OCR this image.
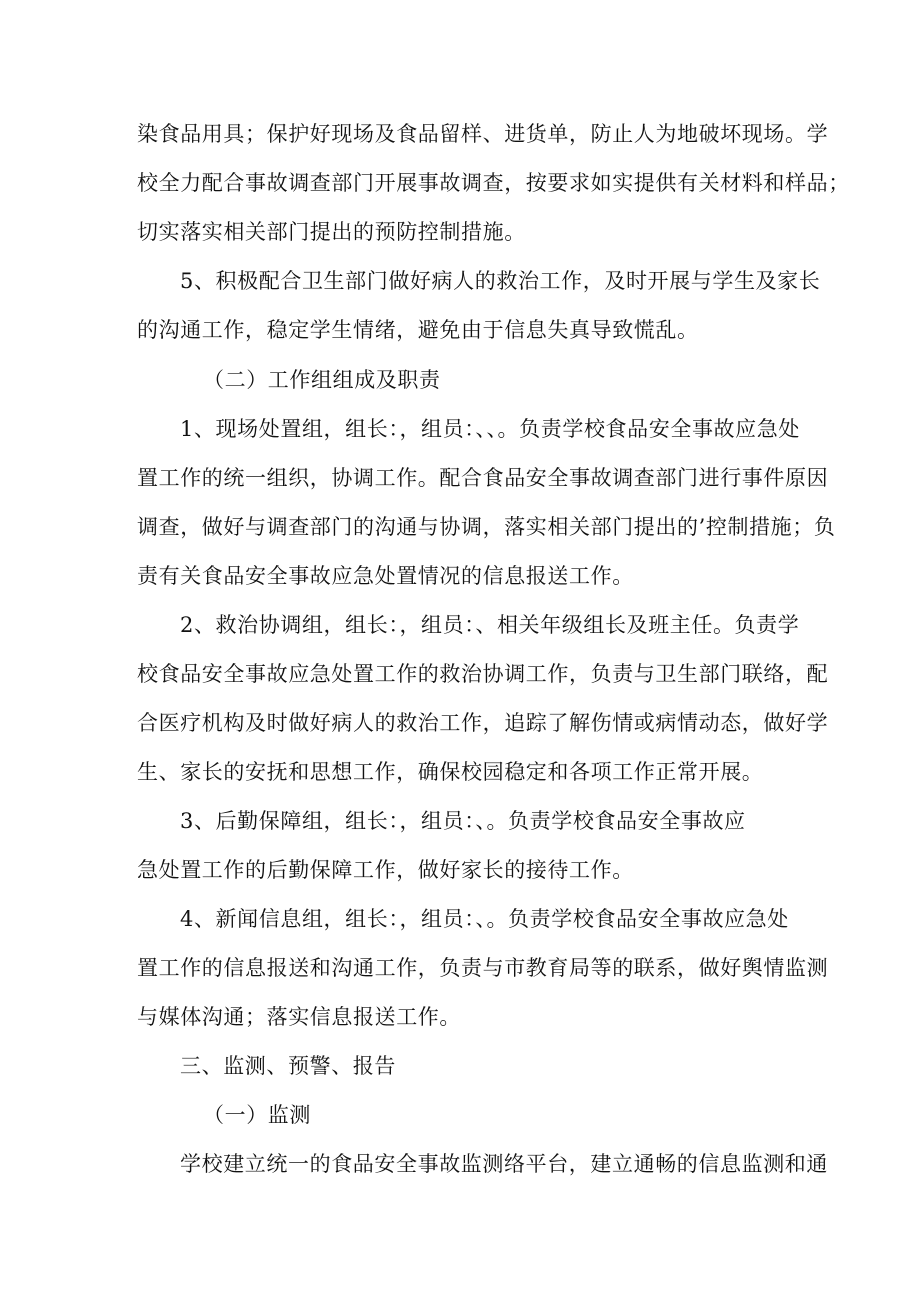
染食品用具；保护好现场及食品留样、进货单，防止人为地破坏现场。学
校全力配合事故调查部门开展事故调查，按要求如实提供有关材料和样品；
切实落实相关部门提出的预防控制措施。
5、积极配合卫生部门做好病人的救治工作，及时开展与学生及家长
的沟通工作，稳定学生情绪，避免由于信息失真导致慌乱。
（二）工作组组成及职责
1、现场处置组，组长：，组员：、、。负责学校食品安全事故应急处
置工作的统一组织，协调工作。配合食品安全事故调查部门进行事件原因
调查，做好与调查部门的沟通与协调，落实相关部门提出的’控制措施；负
责有关食品安全事故应急处置情况的信息报送工作。
2、救治协调组，组长：，组员：、相关年级组长及班主任。负责学
校食品安全事故应急处置工作的救治协调工作，负责与卫生部门联络，配
合医疗机构及时做好病人的救治工作，追踪了解伤情或病情动态，做好学
生、家长的安抚和思想工作，确保校园稳定和各项工作正常开展。
3、后勤保障组，组长：，组员：、。负责学校食品安全事故应
急处置工作的后勤保障工作，做好家长的接待工作。
4、新闻信息组，组长：，组员：、。负责学校食品安全事故应急处
置工作的信息报送和沟通工作，负责与市教育局等的联系，做好舆情监测
与媒体沟通；落实信息报送工作。
三、监测、预警、报告
（一）监测
学校建立统一的食品安全事故监测络平台，建立通畅的信息监测和通
